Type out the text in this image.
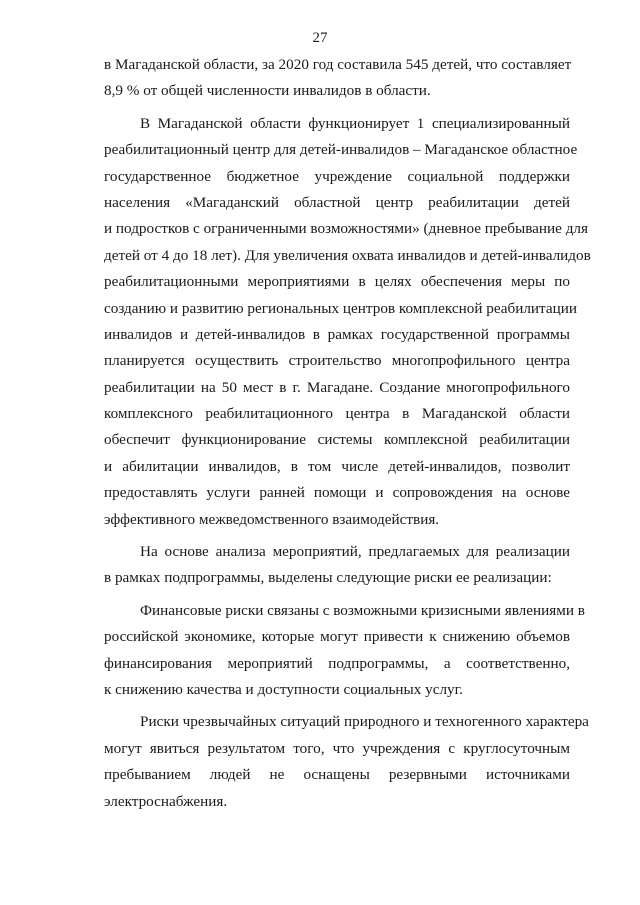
27
в Магаданской области, за 2020 год составила 545 детей, что составляет
8,9 % от общей численности инвалидов в области.
В Магаданской области функционирует 1 специализированный
реабилитационный центр для детей-инвалидов – Магаданское областное
государственное бюджетное учреждение социальной поддержки
населения «Магаданский областной центр реабилитации детей
и подростков с ограниченными возможностями» (дневное пребывание для
детей от 4 до 18 лет). Для увеличения охвата инвалидов и детей-инвалидов
реабилитационными мероприятиями в целях обеспечения меры по
созданию и развитию региональных центров комплексной реабилитации
инвалидов и детей-инвалидов в рамках государственной программы
планируется осуществить строительство многопрофильного центра
реабилитации на 50 мест в г. Магадане. Создание многопрофильного
комплексного реабилитационного центра в Магаданской области
обеспечит функционирование системы комплексной реабилитации
и абилитации инвалидов, в том числе детей-инвалидов, позволит
предоставлять услуги ранней помощи и сопровождения на основе
эффективного межведомственного взаимодействия.
На основе анализа мероприятий, предлагаемых для реализации
в рамках подпрограммы, выделены следующие риски ее реализации:
Финансовые риски связаны с возможными кризисными явлениями в
российской экономике, которые могут привести к снижению объемов
финансирования мероприятий подпрограммы, а соответственно,
к снижению качества и доступности социальных услуг.
Риски чрезвычайных ситуаций природного и техногенного характера
могут явиться результатом того, что учреждения с круглосуточным
пребыванием людей не оснащены резервными источниками
электроснабжения.
